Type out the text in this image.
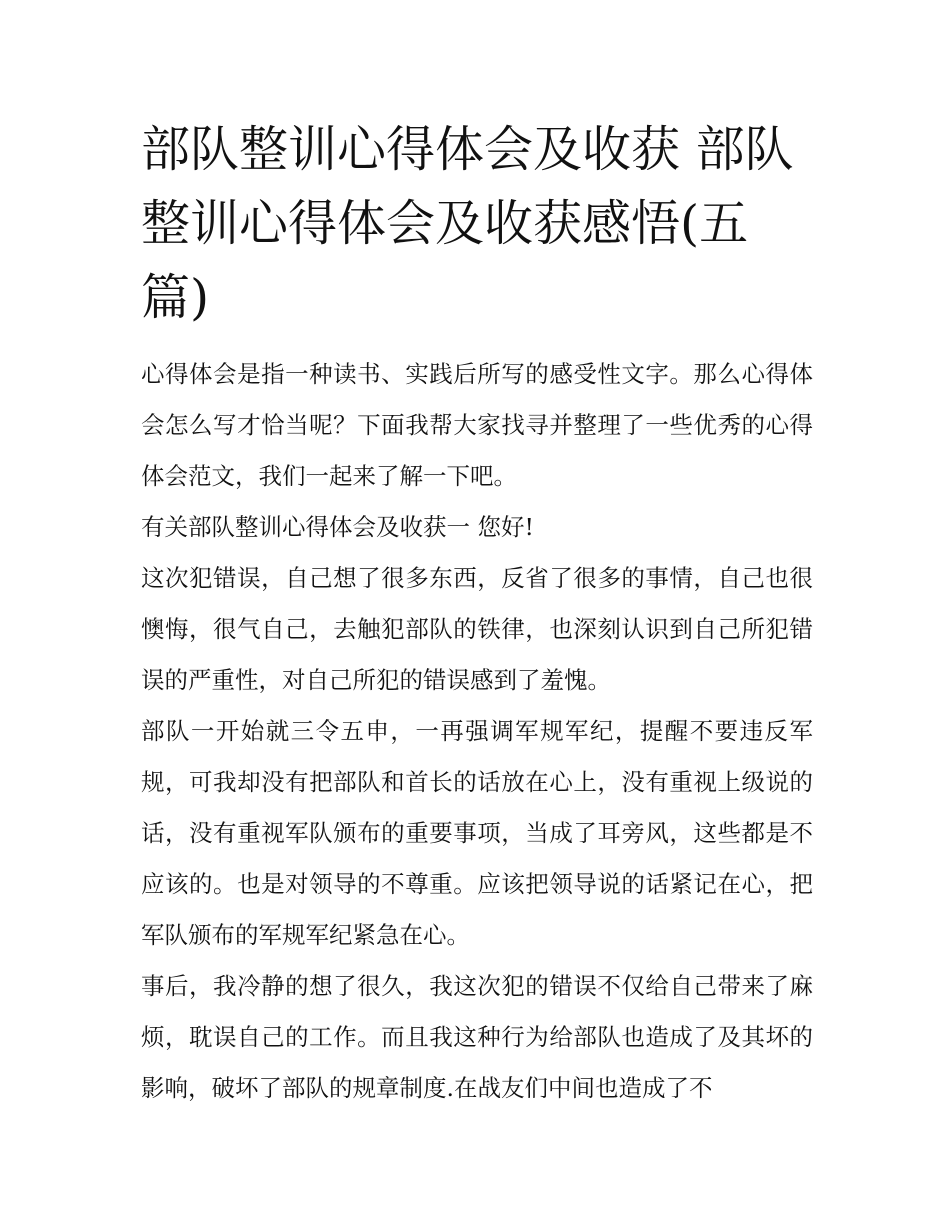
部队整训心得体会及收获 部队整训心得体会及收获感悟(五篇)

心得体会是指一种读书、实践后所写的感受性文字。那么心得体会怎么写才恰当呢？下面我帮大家找寻并整理了一些优秀的心得体会范文，我们一起来了解一下吧。

有关部队整训心得体会及收获一 您好!

这次犯错误，自己想了很多东西，反省了很多的事情，自己也很懊悔，很气自己，去触犯部队的铁律，也深刻认识到自己所犯错误的严重性，对自己所犯的错误感到了羞愧。

部队一开始就三令五申，一再强调军规军纪，提醒不要违反军规，可我却没有把部队和首长的话放在心上，没有重视上级说的话，没有重视军队颁布的重要事项，当成了耳旁风，这些都是不应该的。也是对领导的不尊重。应该把领导说的话紧记在心，把军队颁布的军规军纪紧急在心。

事后，我冷静的想了很久，我这次犯的错误不仅给自己带来了麻烦，耽误自己的工作。而且我这种行为给部队也造成了及其坏的影响，破坏了部队的规章制度.在战友们中间也造成了不
